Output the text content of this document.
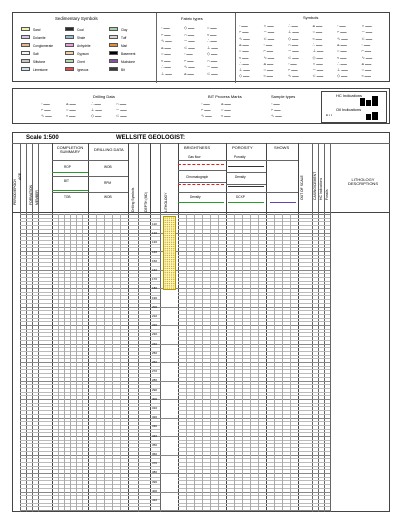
Sedimentary Symbols
Sand
Dolomite
Conglomerate
Salt
Siltstone
Limestone
Coal
Shale
Anhydrite
Gypsum
Chert
Igneous
Clay
Tuff
Marl
Basement
Mudstone
Bit
Fabric types
◦ ▬▬
⌐ ▬▬
∿ ▬▬
ⴰ ▬▬
○ ▬▬
≈ ▬▬
∴ ▬▬
⊥ ▬▬
◇ ▬▬
∩ ▬▬
∼ ▬▬
⊂ ▬▬
◦ ▬▬
⌐ ▬▬
∿ ▬▬
ⴰ ▬▬
○ ▬▬
≈ ▬▬
∴ ▬▬
⊥ ▬▬
◇ ▬▬
∩ ▬▬
∼ ▬▬
⊂ ▬▬
Symbols
◦ ▬▬
⌐ ▬▬
∿ ▬▬
ⴰ ▬▬
○ ▬▬
≈ ▬▬
∴ ▬▬
⊥ ▬▬
◇ ▬▬
∩ ▬▬
∼ ▬▬
⊂ ▬▬
◦ ▬▬
⌐ ▬▬
∿ ▬▬
ⴰ ▬▬
○ ▬▬
≈ ▬▬
∴ ▬▬
⊥ ▬▬
◇ ▬▬
∩ ▬▬
∼ ▬▬
⊂ ▬▬
◦ ▬▬
⌐ ▬▬
∿ ▬▬
ⴰ ▬▬
○ ▬▬
≈ ▬▬
∴ ▬▬
⊥ ▬▬
◇ ▬▬
∩ ▬▬
∼ ▬▬
⊂ ▬▬
◦ ▬▬
⌐ ▬▬
∿ ▬▬
ⴰ ▬▬
○ ▬▬
≈ ▬▬
∴ ▬▬
⊥ ▬▬
◇ ▬▬
∩ ▬▬
∼ ▬▬
⊂ ▬▬
◦ ▬▬
⌐ ▬▬
∿ ▬▬
ⴰ ▬▬
○ ▬▬
≈ ▬▬
Drilling Data
◦ ▬▬
⌐ ▬▬
∿ ▬▬
ⴰ ▬▬
○ ▬▬
≈ ▬▬
∴ ▬▬
⊥ ▬▬
◇ ▬▬
∩ ▬▬
∼ ▬▬
⊂ ▬▬
BIT Process Marks
◦ ▬▬
⌐ ▬▬
∿ ▬▬
ⴰ ▬▬
○ ▬▬
≈ ▬▬
Sample types
◦ ▬▬
⌐ ▬▬
∿ ▬▬
HC Indications
Oil Indications
● ▪ ▪
Scale 1:500	WELLSITE GEOLOGIST:
PERIOD/EPOCH
AGE
FORMATION MEMBER	Drilling Symbols	DEPTH (MD)	LITHOLOGY
OUT OF SCALE	CASING/CEMENT HC Indications Fossils
COMPLETION SUMMARY	DRILLING DATA	BRIGHTNESS	POROSITY	SHOWS
LITHOLOGY DESCRIPTIONS
ROP
BIT
TOB
WOB
RPM
WOB
Gas flow
Chromatograph
Density
Porosity
Density
DCXP
110
120
130
140
150
160
170
180
190
200
210
220
230
240
250
260
270
280
290
300
310
320
330
340
350
360
370
380
390
400
410
